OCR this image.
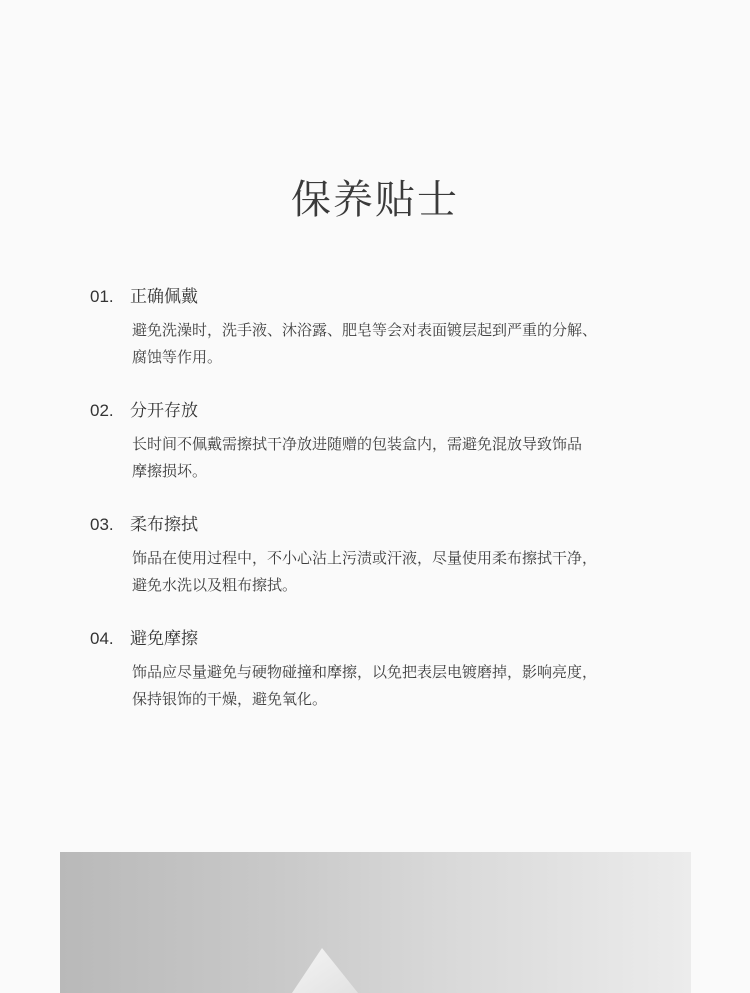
保养贴士
01. 正确佩戴
避免洗澡时，洗手液、沐浴露、肥皂等会对表面镀层起到严重的分解、
腐蚀等作用。
02. 分开存放
长时间不佩戴需擦拭干净放进随赠的包装盒内，需避免混放导致饰品
摩擦损坏。
03. 柔布擦拭
饰品在使用过程中，不小心沾上污渍或汗液，尽量使用柔布擦拭干净，
避免水洗以及粗布擦拭。
04. 避免摩擦
饰品应尽量避免与硬物碰撞和摩擦，以免把表层电镀磨掉，影响亮度，
保持银饰的干燥，避免氧化。
